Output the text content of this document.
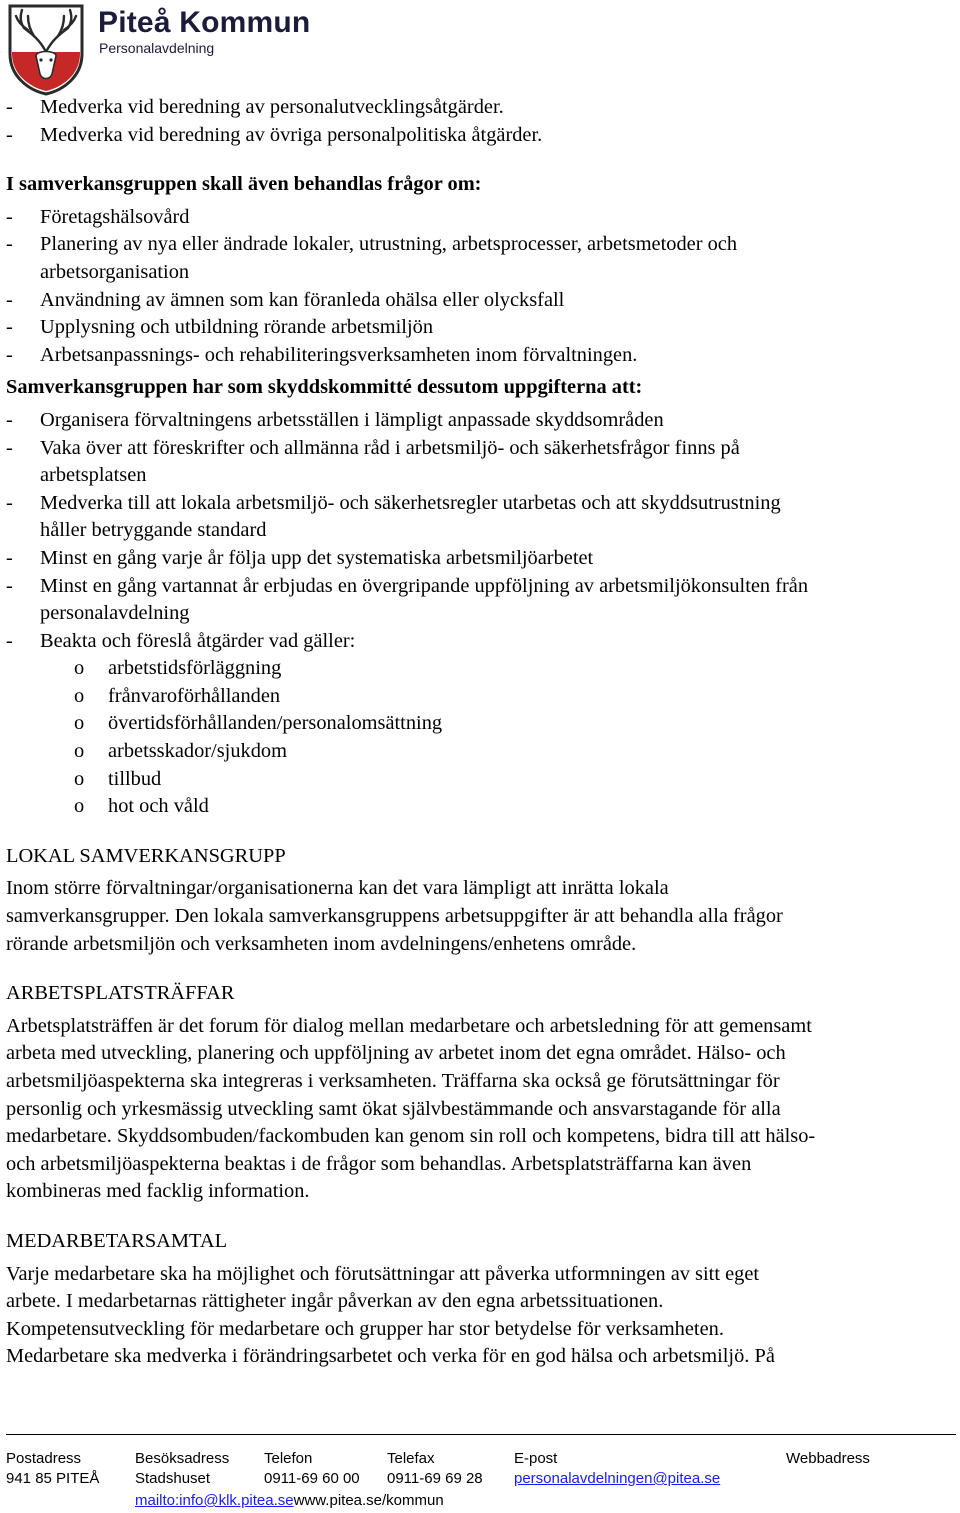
Piteå Kommun
Personalavdelning
- Medverka vid beredning av personalutvecklingsåtgärder.
- Medverka vid beredning av övriga personalpolitiska åtgärder.
I samverkansgruppen skall även behandlas frågor om:
- Företagshälsovård
- Planering av nya eller ändrade lokaler, utrustning, arbetsprocesser, arbetsmetoder och
arbetsorganisation
- Användning av ämnen som kan föranleda ohälsa eller olycksfall
- Upplysning och utbildning rörande arbetsmiljön
- Arbetsanpassnings- och rehabiliteringsverksamheten inom förvaltningen.
Samverkansgruppen har som skyddskommitté dessutom uppgifterna att:
- Organisera förvaltningens arbetsställen i lämpligt anpassade skyddsområden
- Vaka över att föreskrifter och allmänna råd i arbetsmiljö- och säkerhetsfrågor finns på
arbetsplatsen
- Medverka till att lokala arbetsmiljö- och säkerhetsregler utarbetas och att skyddsutrustning
håller betryggande standard
- Minst en gång varje år följa upp det systematiska arbetsmiljöarbetet
- Minst en gång vartannat år erbjudas en övergripande uppföljning av arbetsmiljökonsulten från
personalavdelning
- Beakta och föreslå åtgärder vad gäller:
o arbetstidsförläggning
o frånvaroförhållanden
o övertidsförhållanden/personalomsättning
o arbetsskador/sjukdom
o tillbud
o hot och våld
LOKAL SAMVERKANSGRUPP
Inom större förvaltningar/organisationerna kan det vara lämpligt att inrätta lokala
samverkansgrupper. Den lokala samverkansgruppens arbetsuppgifter är att behandla alla frågor
rörande arbetsmiljön och verksamheten inom avdelningens/enhetens område.
ARBETSPLATSTRÄFFAR
Arbetsplatsträffen är det forum för dialog mellan medarbetare och arbetsledning för att gemensamt
arbeta med utveckling, planering och uppföljning av arbetet inom det egna området. Hälso- och
arbetsmiljöaspekterna ska integreras i verksamheten. Träffarna ska också ge förutsättningar för
personlig och yrkesmässig utveckling samt ökat självbestämmande och ansvarstagande för alla
medarbetare. Skyddsombuden/fackombuden kan genom sin roll och kompetens, bidra till att hälso-
och arbetsmiljöaspekterna beaktas i de frågor som behandlas. Arbetsplatsträffarna kan även
kombineras med facklig information.
MEDARBETARSAMTAL
Varje medarbetare ska ha möjlighet och förutsättningar att påverka utformningen av sitt eget
arbete. I medarbetarnas rättigheter ingår påverkan av den egna arbetssituationen.
Kompetensutveckling för medarbetare och grupper har stor betydelse för verksamheten.
Medarbetare ska medverka i förändringsarbetet och verka för en god hälsa och arbetsmiljö. På
Postadress
941 85 PITEÅ
Besöksadress
Stadshuset
Telefon
0911-69 60 00
Telefax
0911-69 69 28
E-post
personalavdelningen@pitea.se
Webbadress
mailto:info@klk.pitea.sewww.pitea.se/kommun
